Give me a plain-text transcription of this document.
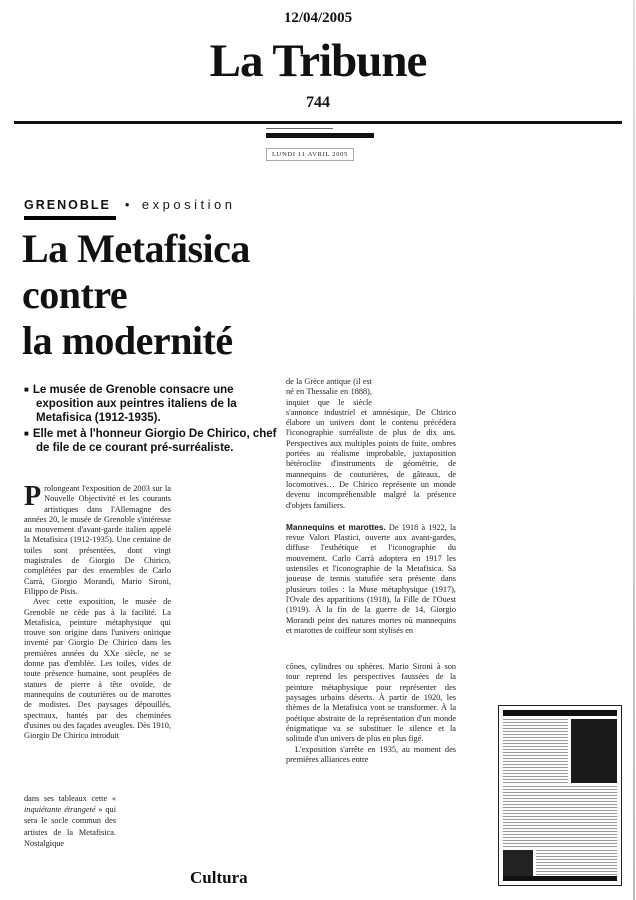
12/04/2005
La Tribune
744
LUNDI 11 AVRIL 2005
GRENOBLE • exposition
La Metafisica
contre
la modernité

■ Le musée de Grenoble consacre une exposition aux peintres italiens de la Metafisica (1912-1935).

■ Elle met à l'honneur Giorgio De Chirico, chef de file de ce courant pré-surréaliste.

Prolongeant l'exposition de 2003 sur la Nouvelle Objectivité et les courants artistiques dans l'Allemagne des années 20, le musée de Grenoble s'intéresse au mouvement d'avant-garde italien appelé la Metafisica (1912-1935). Une centaine de toiles sont présentées, dont vingt magistrales de Giorgio De Chirico, complétées par des ensembles de Carlo Carrà, Giorgio Morandi, Mario Sironi, Filippo de Pisis.

Avec cette exposition, le musée de Grenoble ne cède pas à la facilité. La Metafisica, peinture métaphysique qui trouve son origine dans l'univers onirique inventé par Giorgio De Chirico dans les premières années du XXe siècle, ne se donne pas d'emblée. Les toiles, vides de toute présence humaine, sont peuplées de statues de pierre à tête ovoïde, de mannequins de couturières ou de marottes de modistes. Des paysages dépouillés, spectraux, hantés par des cheminées d'usines ou des façades aveugles. Dès 1910, Giorgio De Chirico introduit

dans ses tableaux cette « inquiétante étrangeté » qui sera le socle commun des artistes de la Metafisica. Nostalgique

de la Grèce antique (il est né en Thessalie en 1888), inquiet que le siècle s'annonce industriel et amnésique, De Chirico élabore un univers dont le contenu précédera l'iconographie surréaliste de plus de dix ans. Perspectives aux multiples points de fuite, ombres portées au réalisme improbable, juxtaposition hétéroclite d'instruments de géométrie, de mannequins de couturières, de gâteaux, de locomotives… De Chirico représente un monde devenu incompréhensible malgré la présence d'objets familiers.

Mannequins et marottes. De 1918 à 1922, la revue Valori Plastici, ouverte aux avant-gardes, diffuse l'esthétique et l'iconographie du mouvement. Carlo Carrà adoptera en 1917 les ustensiles et l'iconographie de la Metafisica. Sa joueuse de tennis statufiée sera présente dans plusieurs toiles : la Muse métaphysique (1917), l'Ovale des apparitions (1918), la Fille de l'Ouest (1919). À la fin de la guerre de 14, Giorgio Morandi peint des natures mortes où mannequins et marottes de coiffeur sont stylisés en

cônes, cylindres ou sphères. Mario Sironi à son tour reprend les perspectives faussées de la peinture métaphysique pour représenter des paysages urbains déserts. À partir de 1920, les thèmes de la Metafisica vont se transformer. À la poétique abstraite de la représentation d'un monde énigmatique va se substituer le silence et la solitude d'un univers de plus en plus figé.

L'exposition s'arrête en 1935, au moment des premières alliances entre

Cultura
